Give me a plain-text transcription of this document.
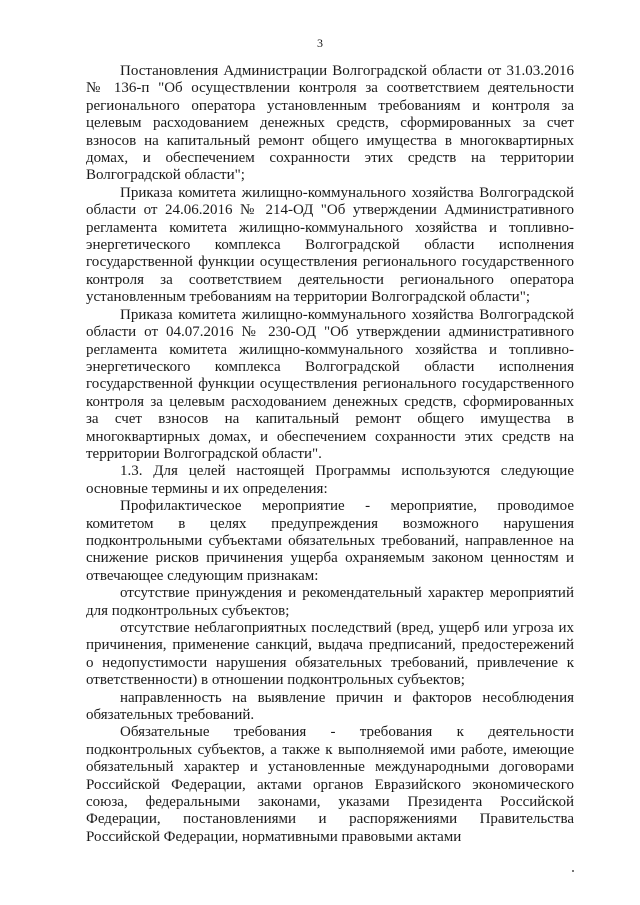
3

Постановления Администрации Волгоградской области от 31.03.2016 № 136-п "Об осуществлении контроля за соответствием деятельности регионального оператора установленным требованиям и контроля за целевым расходованием денежных средств, сформированных за счет взносов на капитальный ремонт общего имущества в многоквартирных домах, и обеспечением сохранности этих средств на территории Волгоградской области";

Приказа комитета жилищно-коммунального хозяйства Волгоградской области от 24.06.2016 № 214-ОД "Об утверждении Административного регламента комитета жилищно-коммунального хозяйства и топливно-энергетического комплекса Волгоградской области исполнения государственной функции осуществления регионального государственного контроля за соответствием деятельности регионального оператора установленным требованиям на территории Волгоградской области";

Приказа комитета жилищно-коммунального хозяйства Волгоградской области от 04.07.2016 № 230-ОД "Об утверждении административного регламента комитета жилищно-коммунального хозяйства и топливно-энергетического комплекса Волгоградской области исполнения государственной функции осуществления регионального государственного контроля за целевым расходованием денежных средств, сформированных за счет взносов на капитальный ремонт общего имущества в многоквартирных домах, и обеспечением сохранности этих средств на территории Волгоградской области".

1.3. Для целей настоящей Программы используются следующие основные термины и их определения:

Профилактическое мероприятие - мероприятие, проводимое комитетом в целях предупреждения возможного нарушения подконтрольными субъектами обязательных требований, направленное на снижение рисков причинения ущерба охраняемым законом ценностям и отвечающее следующим признакам:

отсутствие принуждения и рекомендательный характер мероприятий для подконтрольных субъектов;

отсутствие неблагоприятных последствий (вред, ущерб или угроза их причинения, применение санкций, выдача предписаний, предостережений о недопустимости нарушения обязательных требований, привлечение к ответственности) в отношении подконтрольных субъектов;

направленность на выявление причин и факторов несоблюдения обязательных требований.

Обязательные требования - требования к деятельности подконтрольных субъектов, а также к выполняемой ими работе, имеющие обязательный характер и установленные международными договорами Российской Федерации, актами органов Евразийского экономического союза, федеральными законами, указами Президента Российской Федерации, постановлениями и распоряжениями Правительства Российской Федерации, нормативными правовыми актами
